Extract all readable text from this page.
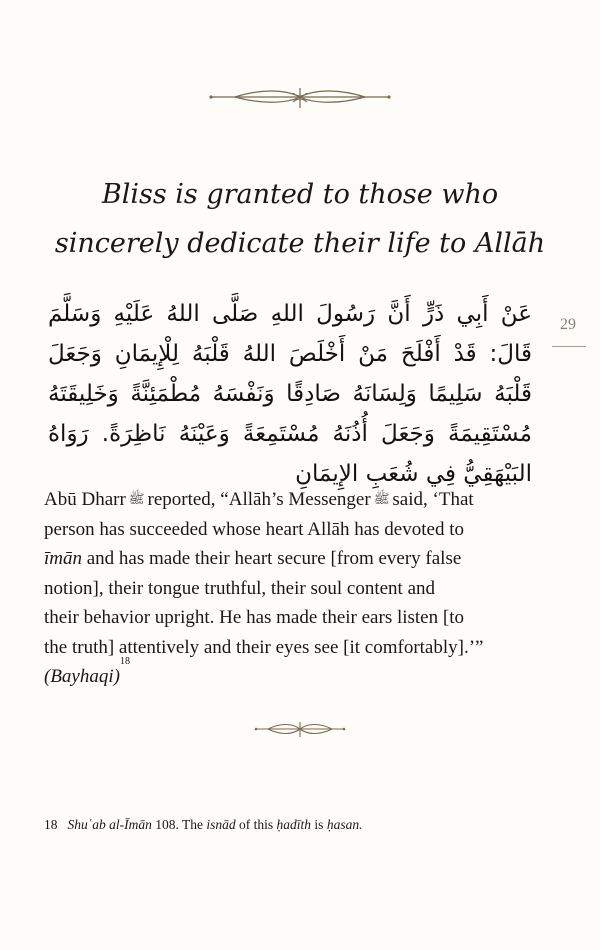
Bliss is granted to those who
sincerely dedicate their life to Allāh
29
عَنْ أَبِي ذَرٍّ أَنَّ رَسُولَ اللهِ صَلَّى اللهُ عَلَيْهِ وَسَلَّمَ قَالَ: قَدْ أَفْلَحَ مَنْ أَخْلَصَ اللهُ قَلْبَهُ لِلْإِيمَانِ وَجَعَلَ قَلْبَهُ سَلِيمًا وَلِسَانَهُ صَادِقًا وَنَفْسَهُ مُطْمَئِنَّةً وَخَلِيقَتَهُ مُسْتَقِيمَةً وَجَعَلَ أُذُنَهُ مُسْتَمِعَةً وَعَيْنَهُ نَاظِرَةً. رَوَاهُ البَيْهَقِيُّ فِي شُعَبِ الإِيمَانِ
Abū Dharr ﷺ reported, “Allāh’s Messenger ﷺ said, ‘That
person has succeeded whose heart Allāh has devoted to
īmān and has made their heart secure [from every false
notion], their tongue truthful, their soul content and
their behavior upright. He has made their ears listen [to
the truth] attentively and their eyes see [it comfortably].’”
(Bayhaqi)
18
18 Shuʿab al-Īmān 108. The isnād of this ḥadīth is ḥasan.
